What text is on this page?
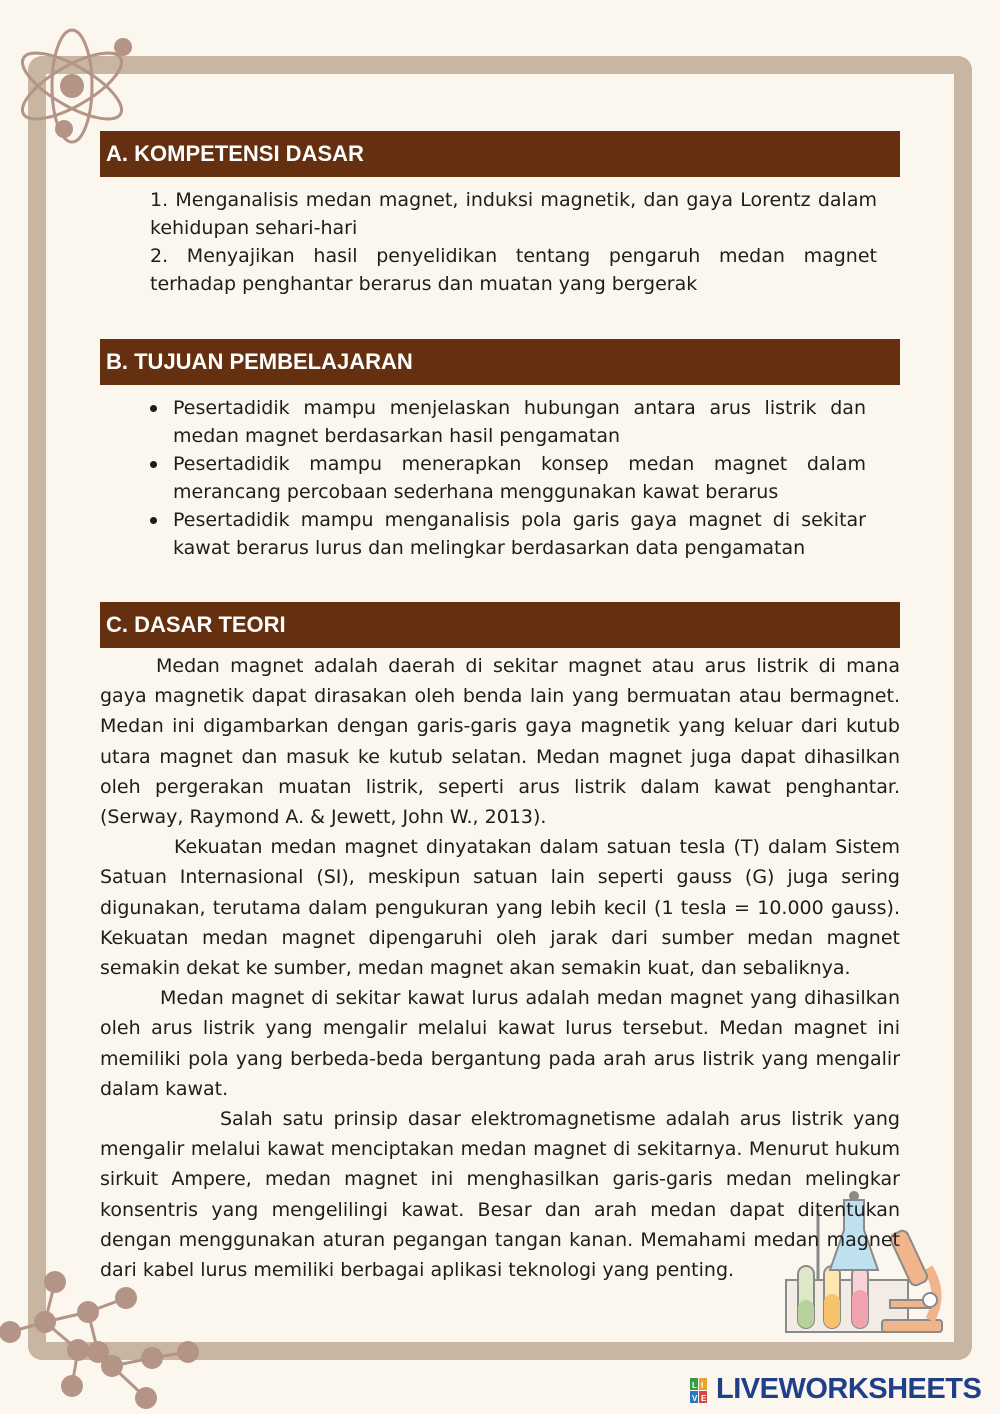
A. KOMPETENSI DASAR
1. Menganalisis medan magnet, induksi magnetik, dan gaya Lorentz dalam kehidupan sehari-hari
2. Menyajikan hasil penyelidikan tentang pengaruh medan magnet terhadap penghantar berarus dan muatan yang bergerak
B. TUJUAN PEMBELAJARAN
Pesertadidik mampu menjelaskan hubungan antara arus listrik dan medan magnet berdasarkan hasil pengamatan
Pesertadidik mampu menerapkan konsep medan magnet dalam merancang percobaan sederhana menggunakan kawat berarus
Pesertadidik mampu menganalisis pola garis gaya magnet di sekitar kawat berarus lurus dan melingkar berdasarkan data pengamatan
C. DASAR TEORI

Medan magnet adalah daerah di sekitar magnet atau arus listrik di mana gaya magnetik dapat dirasakan oleh benda lain yang bermuatan atau bermagnet. Medan ini digambarkan dengan garis-garis gaya magnetik yang keluar dari kutub utara magnet dan masuk ke kutub selatan. Medan magnet juga dapat dihasilkan oleh pergerakan muatan listrik, seperti arus listrik dalam kawat penghantar. (Serway, Raymond A. & Jewett, John W., 2013).

Kekuatan medan magnet dinyatakan dalam satuan tesla (T) dalam Sistem Satuan Internasional (SI), meskipun satuan lain seperti gauss (G) juga sering digunakan, terutama dalam pengukuran yang lebih kecil (1 tesla = 10.000 gauss). Kekuatan medan magnet dipengaruhi oleh jarak dari sumber medan magnet semakin dekat ke sumber, medan magnet akan semakin kuat, dan sebaliknya.

Medan magnet di sekitar kawat lurus adalah medan magnet yang dihasilkan oleh arus listrik yang mengalir melalui kawat lurus tersebut. Medan magnet ini memiliki pola yang berbeda-beda bergantung pada arah arus listrik yang mengalir dalam kawat.

Salah satu prinsip dasar elektromagnetisme adalah arus listrik yang mengalir melalui kawat menciptakan medan magnet di sekitarnya. Menurut hukum sirkuit Ampere, medan magnet ini menghasilkan garis-garis medan melingkar konsentris yang mengelilingi kawat. Besar dan arah medan dapat ditentukan dengan menggunakan aturan pegangan tangan kanan. Memahami medan magnet dari kabel lurus memiliki berbagai aplikasi teknologi yang penting.

L I
V E LIVEWORKSHEETS
